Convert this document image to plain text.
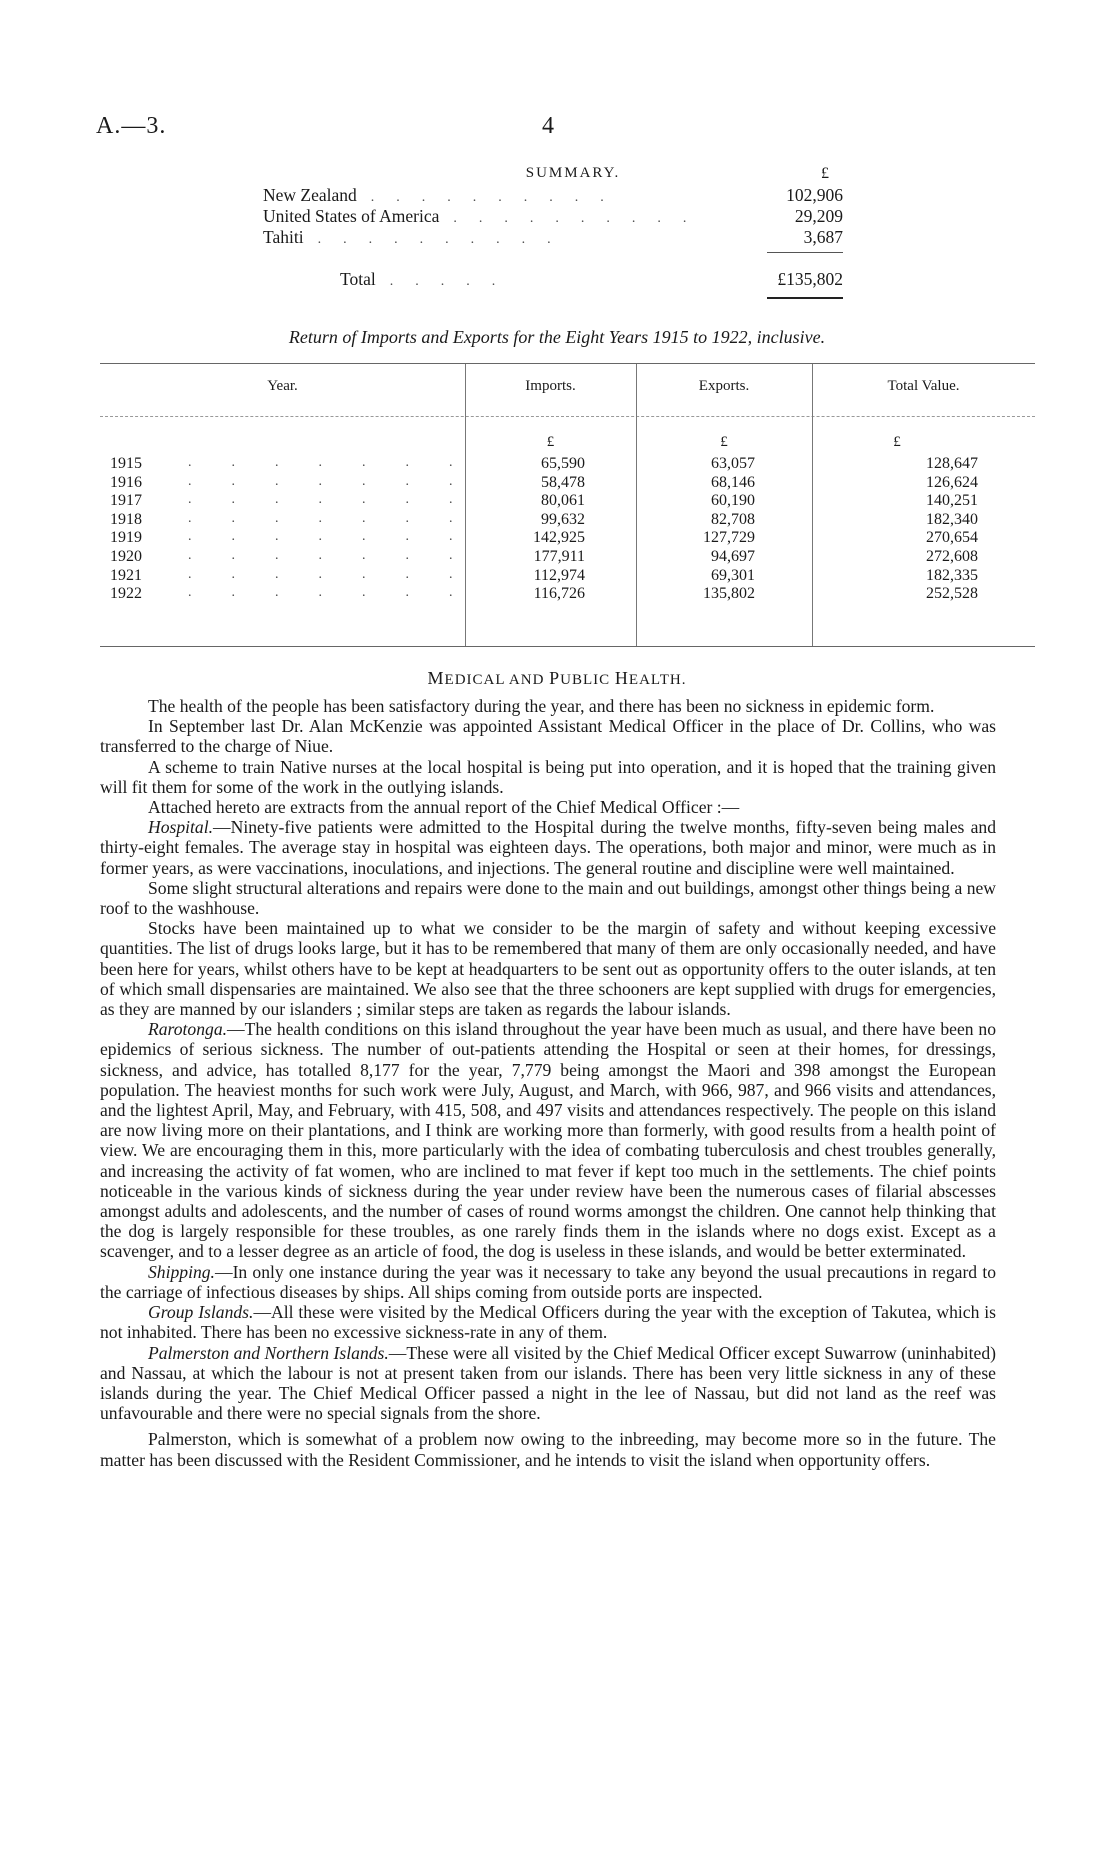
A.—3.	4
SUMMARY.	£
New Zealand	..........	102,906
United States of America	..........	29,209
Tahiti	..........	3,687
Total	.....	£135,802
Return of Imports and Exports for the Eight Years 1915 to 1922, inclusive.
Year.	Imports.	Exports.	Total Value.
£	£	£
1915	.......	65,590	63,057	128,647
1916	.......	58,478	68,146	126,624
1917	.......	80,061	60,190	140,251
1918	.......	99,632	82,708	182,340
1919	.......	142,925	127,729	270,654
1920	.......	177,911	94,697	272,608
1921	.......	112,974	69,301	182,335
1922	.......	116,726	135,802	252,528
MEDICAL AND PUBLIC HEALTH.

The health of the people has been satisfactory during the year, and there has been no sickness in epidemic form.

In September last Dr. Alan McKenzie was appointed Assistant Medical Officer in the place of Dr. Collins, who was transferred to the charge of Niue.

A scheme to train Native nurses at the local hospital is being put into operation, and it is hoped that the training given will fit them for some of the work in the outlying islands.

Attached hereto are extracts from the annual report of the Chief Medical Officer :—

Hospital.—Ninety-five patients were admitted to the Hospital during the twelve months, fifty-seven being males and thirty-eight females. The average stay in hospital was eighteen days. The operations, both major and minor, were much as in former years, as were vaccinations, inoculations, and injections. The general routine and discipline were well maintained.

Some slight structural alterations and repairs were done to the main and out buildings, amongst other things being a new roof to the washhouse.

Stocks have been maintained up to what we consider to be the margin of safety and without keeping excessive quantities. The list of drugs looks large, but it has to be remembered that many of them are only occasionally needed, and have been here for years, whilst others have to be kept at headquarters to be sent out as opportunity offers to the outer islands, at ten of which small dispensaries are maintained. We also see that the three schooners are kept supplied with drugs for emergencies, as they are manned by our islanders ; similar steps are taken as regards the labour islands.

Rarotonga.—The health conditions on this island throughout the year have been much as usual, and there have been no epidemics of serious sickness. The number of out-patients attending the Hospital or seen at their homes, for dressings, sickness, and advice, has totalled 8,177 for the year, 7,779 being amongst the Maori and 398 amongst the European population. The heaviest months for such work were July, August, and March, with 966, 987, and 966 visits and attendances, and the lightest April, May, and February, with 415, 508, and 497 visits and attendances respectively. The people on this island are now living more on their plantations, and I think are working more than formerly, with good results from a health point of view. We are encouraging them in this, more particularly with the idea of combating tuberculosis and chest troubles generally, and increasing the activity of fat women, who are inclined to mat fever if kept too much in the settlements. The chief points noticeable in the various kinds of sickness during the year under review have been the numerous cases of filarial abscesses amongst adults and adolescents, and the number of cases of round worms amongst the children. One cannot help thinking that the dog is largely responsible for these troubles, as one rarely finds them in the islands where no dogs exist. Except as a scavenger, and to a lesser degree as an article of food, the dog is useless in these islands, and would be better exterminated.

Shipping.—In only one instance during the year was it necessary to take any beyond the usual precautions in regard to the carriage of infectious diseases by ships. All ships coming from outside ports are inspected.

Group Islands.—All these were visited by the Medical Officers during the year with the exception of Takutea, which is not inhabited. There has been no excessive sickness-rate in any of them.

Palmerston and Northern Islands.—These were all visited by the Chief Medical Officer except Suwarrow (uninhabited) and Nassau, at which the labour is not at present taken from our islands. There has been very little sickness in any of these islands during the year. The Chief Medical Officer passed a night in the lee of Nassau, but did not land as the reef was unfavourable and there were no special signals from the shore.

Palmerston, which is somewhat of a problem now owing to the inbreeding, may become more so in the future. The matter has been discussed with the Resident Commissioner, and he intends to visit the island when opportunity offers.
